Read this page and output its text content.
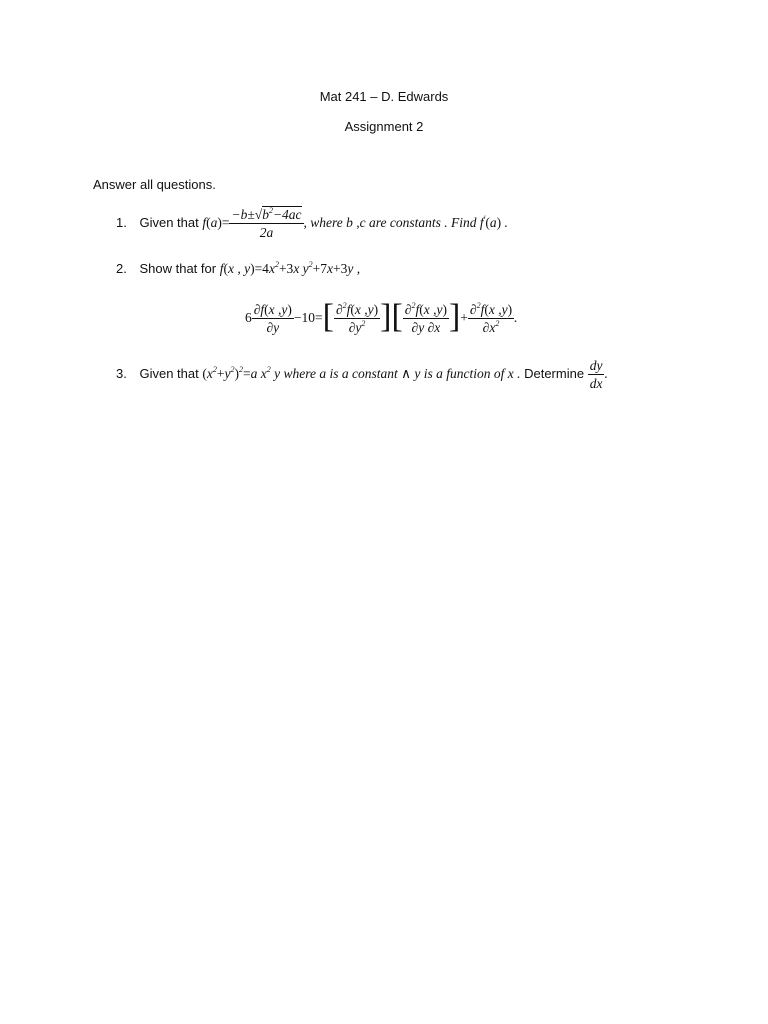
Mat 241 – D. Edwards
Assignment 2
Answer all questions.
1. Given that $f(a)= \frac{-b\pm√b^2-4ac}{2a}$ , where b ,c are constants . Find f′(a) .
2. Show that for f(x , $y)=4x^2+3x$ $y^2+7x+3y$ ,
$6 \frac{\partial f(x ,y)}{\partial y} -10=[ \frac{\partial^2f(x ,y)}{\partial y^2}$ ][ $\frac{\partial^2f(x ,y)}{\partial y \partial x}$ ]+ $\frac{\partial^2f(x ,y)}{\partial x^2}$ .
3. Given that $(x^2+y^2)^2=a$ $x^2$ y where a is a constant ∧ y is a function of x . Determine $\frac{dy}{dx}$ .
